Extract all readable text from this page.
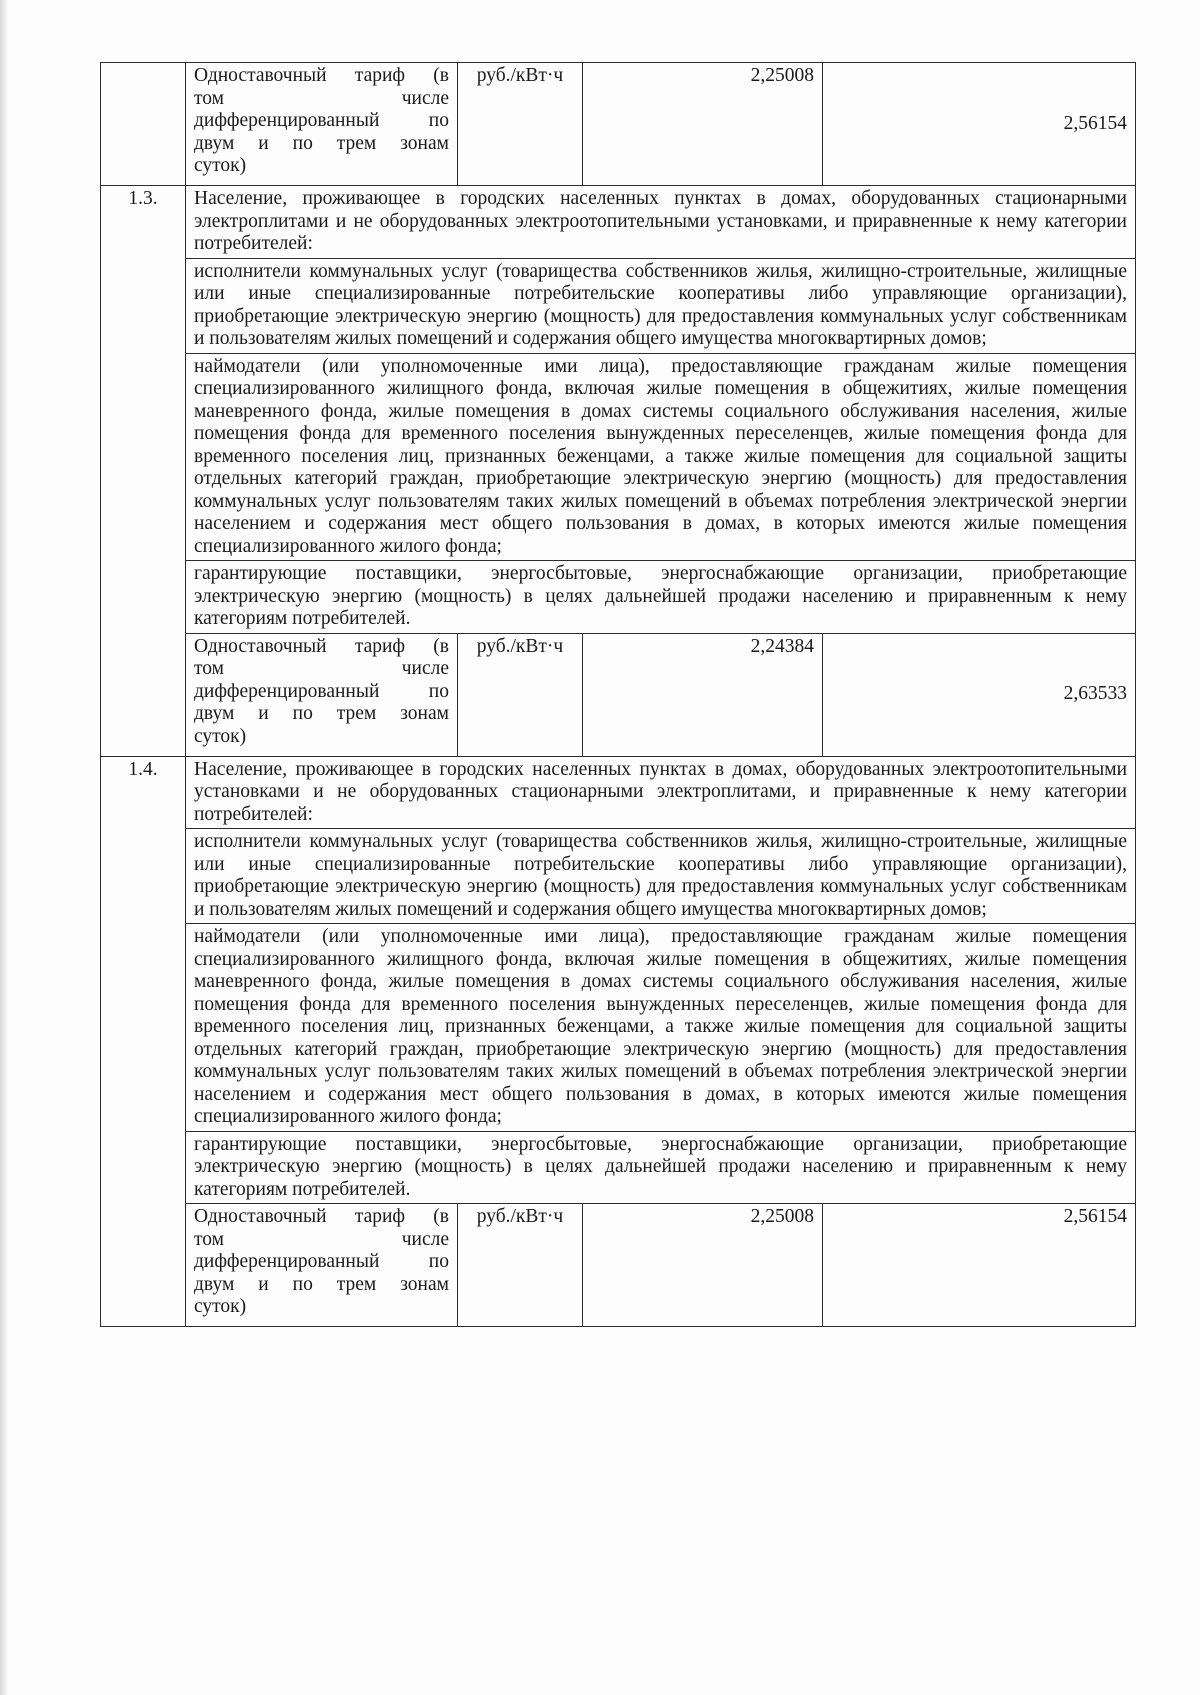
	Одноставочный тариф (в
том числе
дифференцированный по
двум и по трем зонам
суток)	руб./кВт·ч	2,25008	2,56154
1.3.	Население, проживающее в городских населенных пунктах в домах, оборудованных стационарными электроплитами и не оборудованных электроотопительными установками, и приравненные к нему категории потребителей:			
	исполнители коммунальных услуг (товарищества собственников жилья, жилищно-строительные, жилищные или иные специализированные потребительские кооперативы либо управляющие организации), приобретающие электрическую энергию (мощность) для предоставления коммунальных услуг собственникам и пользователям жилых помещений и содержания общего имущества многоквартирных домов;			
	наймодатели (или уполномоченные ими лица), предоставляющие гражданам жилые помещения специализированного жилищного фонда, включая жилые помещения в общежитиях, жилые помещения маневренного фонда, жилые помещения в домах системы социального обслуживания населения, жилые помещения фонда для временного поселения вынужденных переселенцев, жилые помещения фонда для временного поселения лиц, признанных беженцами, а также жилые помещения для социальной защиты отдельных категорий граждан, приобретающие электрическую энергию (мощность) для предоставления коммунальных услуг пользователям таких жилых помещений в объемах потребления электрической энергии населением и содержания мест общего пользования в домах, в которых имеются жилые помещения специализированного жилого фонда;			
	гарантирующие поставщики, энергосбытовые, энергоснабжающие организации, приобретающие электрическую энергию (мощность) в целях дальнейшей продажи населению и приравненным к нему категориям потребителей.			

	Одноставочный тариф (в
том числе
дифференцированный по
двум и по трем зонам
суток)	руб./кВт·ч	2,24384	2,63533
1.4.	Население, проживающее в городских населенных пунктах в домах, оборудованных электроотопительными установками и не оборудованных стационарными электроплитами, и приравненные к нему категории потребителей:			
	исполнители коммунальных услуг (товарищества собственников жилья, жилищно-строительные, жилищные или иные специализированные потребительские кооперативы либо управляющие организации), приобретающие электрическую энергию (мощность) для предоставления коммунальных услуг собственникам и пользователям жилых помещений и содержания общего имущества многоквартирных домов;			
	наймодатели (или уполномоченные ими лица), предоставляющие гражданам жилые помещения специализированного жилищного фонда, включая жилые помещения в общежитиях, жилые помещения маневренного фонда, жилые помещения в домах системы социального обслуживания населения, жилые помещения фонда для временного поселения вынужденных переселенцев, жилые помещения фонда для временного поселения лиц, признанных беженцами, а также жилые помещения для социальной защиты отдельных категорий граждан, приобретающие электрическую энергию (мощность) для предоставления коммунальных услуг пользователям таких жилых помещений в объемах потребления электрической энергии населением и содержания мест общего пользования в домах, в которых имеются жилые помещения специализированного жилого фонда;			
	гарантирующие поставщики, энергосбытовые, энергоснабжающие организации, приобретающие электрическую энергию (мощность) в целях дальнейшей продажи населению и приравненным к нему категориям потребителей.			

	Одноставочный тариф (в
том числе
дифференцированный по
двум и по трем зонам
суток)	руб./кВт·ч	2,25008	2,56154
